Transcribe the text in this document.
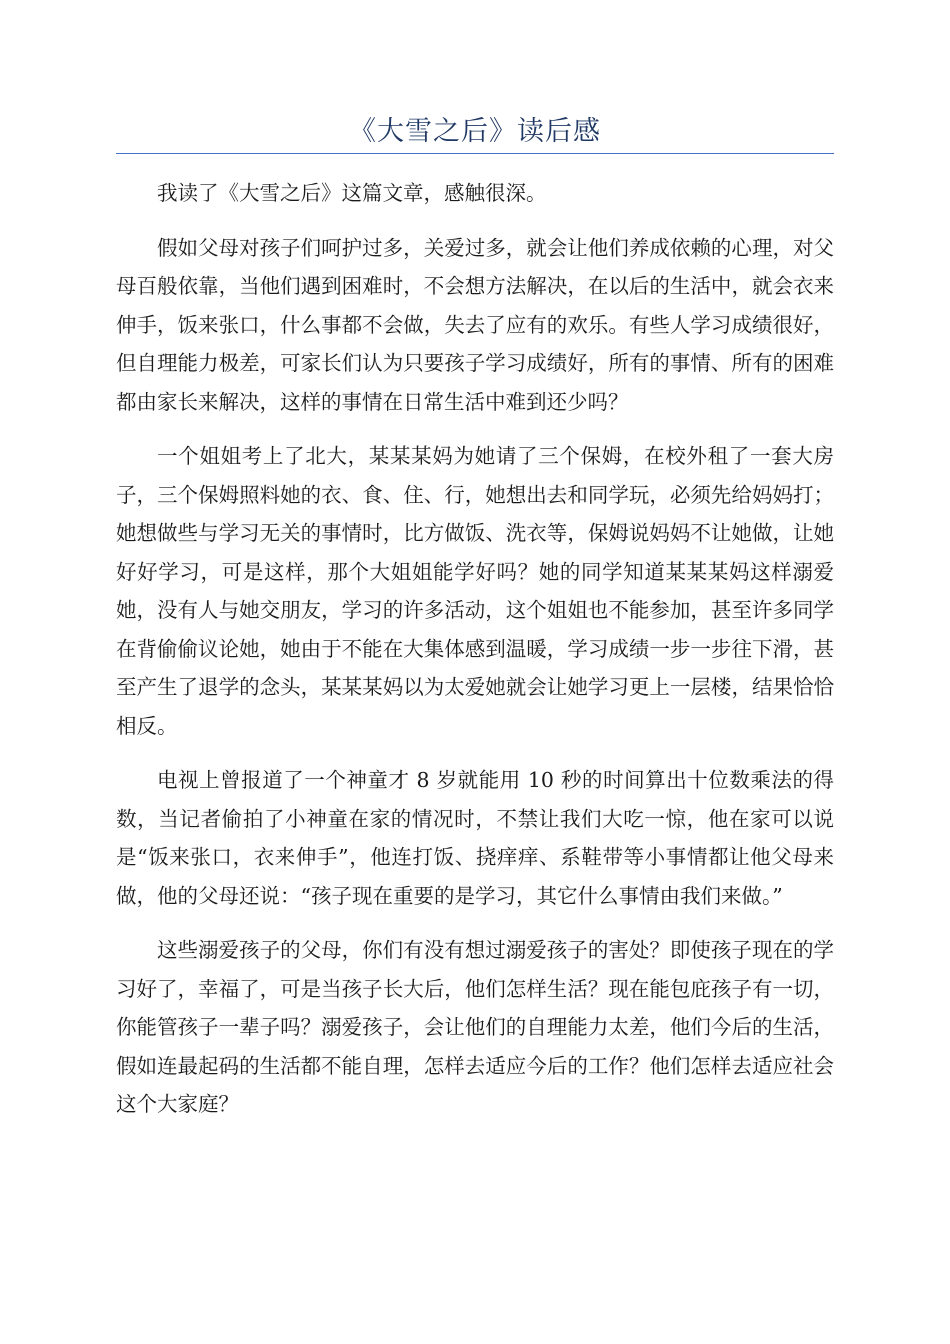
《大雪之后》读后感

我读了《大雪之后》这篇文章，感触很深。

假如父母对孩子们呵护过多，关爱过多，就会让他们养成依赖的心理，对父母百般依靠，当他们遇到困难时，不会想方法解决，在以后的生活中，就会衣来伸手，饭来张口，什么事都不会做，失去了应有的欢乐。有些人学习成绩很好，但自理能力极差，可家长们认为只要孩子学习成绩好，所有的事情、所有的困难都由家长来解决，这样的事情在日常生活中难到还少吗？

一个姐姐考上了北大，某某某妈为她请了三个保姆，在校外租了一套大房子，三个保姆照料她的衣、食、住、行，她想出去和同学玩，必须先给妈妈打；她想做些与学习无关的事情时，比方做饭、洗衣等，保姆说妈妈不让她做，让她好好学习，可是这样，那个大姐姐能学好吗？她的同学知道某某某妈这样溺爱她，没有人与她交朋友，学习的许多活动，这个姐姐也不能参加，甚至许多同学在背偷偷议论她，她由于不能在大集体感到温暖，学习成绩一步一步往下滑，甚至产生了退学的念头，某某某妈以为太爱她就会让她学习更上一层楼，结果恰恰相反。

电视上曾报道了一个神童才 8 岁就能用 10 秒的时间算出十位数乘法的得数，当记者偷拍了小神童在家的情况时，不禁让我们大吃一惊，他在家可以说是“饭来张口，衣来伸手”，他连打饭、挠痒痒、系鞋带等小事情都让他父母来做，他的父母还说：“孩子现在重要的是学习，其它什么事情由我们来做。”

这些溺爱孩子的父母，你们有没有想过溺爱孩子的害处？即使孩子现在的学习好了，幸福了，可是当孩子长大后，他们怎样生活？现在能包庇孩子有一切，你能管孩子一辈子吗？溺爱孩子，会让他们的自理能力太差，他们今后的生活，假如连最起码的生活都不能自理，怎样去适应今后的工作？他们怎样去适应社会这个大家庭？
